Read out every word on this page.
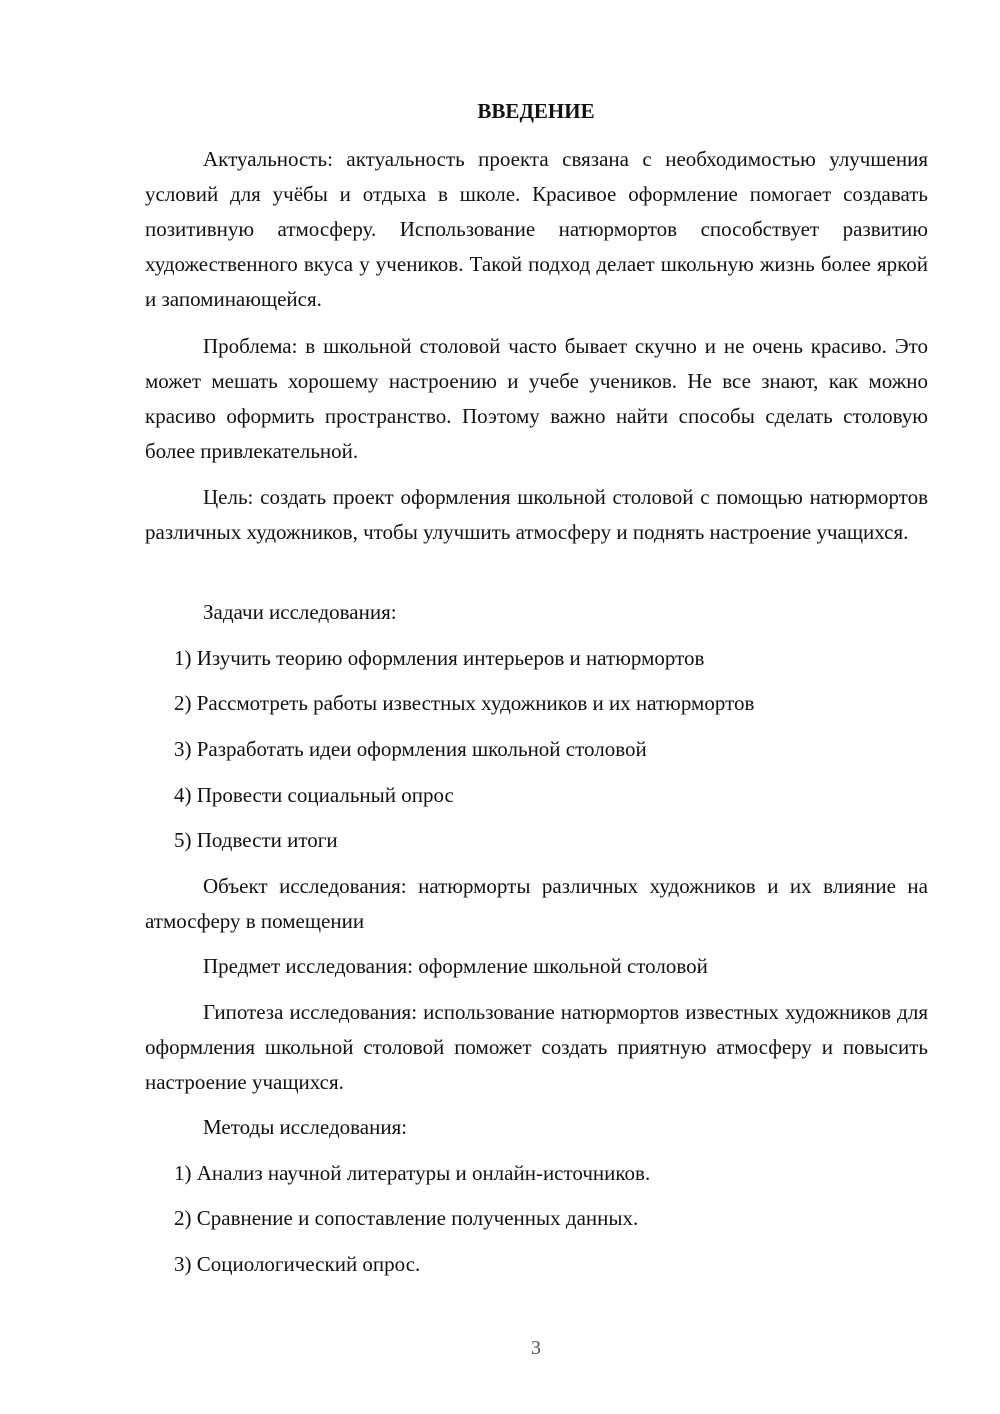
ВВЕДЕНИЕ

Актуальность: актуальность проекта связана с необходимостью улучшения условий для учёбы и отдыха в школе. Красивое оформление помогает создавать позитивную атмосферу. Использование натюрмортов способствует развитию художественного вкуса у учеников. Такой подход делает школьную жизнь более яркой и запоминающейся.

Проблема: в школьной столовой часто бывает скучно и не очень красиво. Это может мешать хорошему настроению и учебе учеников. Не все знают, как можно красиво оформить пространство. Поэтому важно найти способы сделать столовую более привлекательной.

Цель: создать проект оформления школьной столовой с помощью натюрмортов различных художников, чтобы улучшить атмосферу и поднять настроение учащихся.

Задачи исследования:
1) Изучить теорию оформления интерьеров и натюрмортов
2) Рассмотреть работы известных художников и их натюрмортов
3) Разработать идеи оформления школьной столовой
4) Провести социальный опрос
5) Подвести итоги

Объект исследования: натюрморты различных художников и их влияние на атмосферу в помещении

Предмет исследования: оформление школьной столовой

Гипотеза исследования: использование натюрмортов известных художников для оформления школьной столовой поможет создать приятную атмосферу и повысить настроение учащихся.

Методы исследования:
1) Анализ научной литературы и онлайн-источников.
2) Сравнение и сопоставление полученных данных.
3) Социологический опрос.
3
